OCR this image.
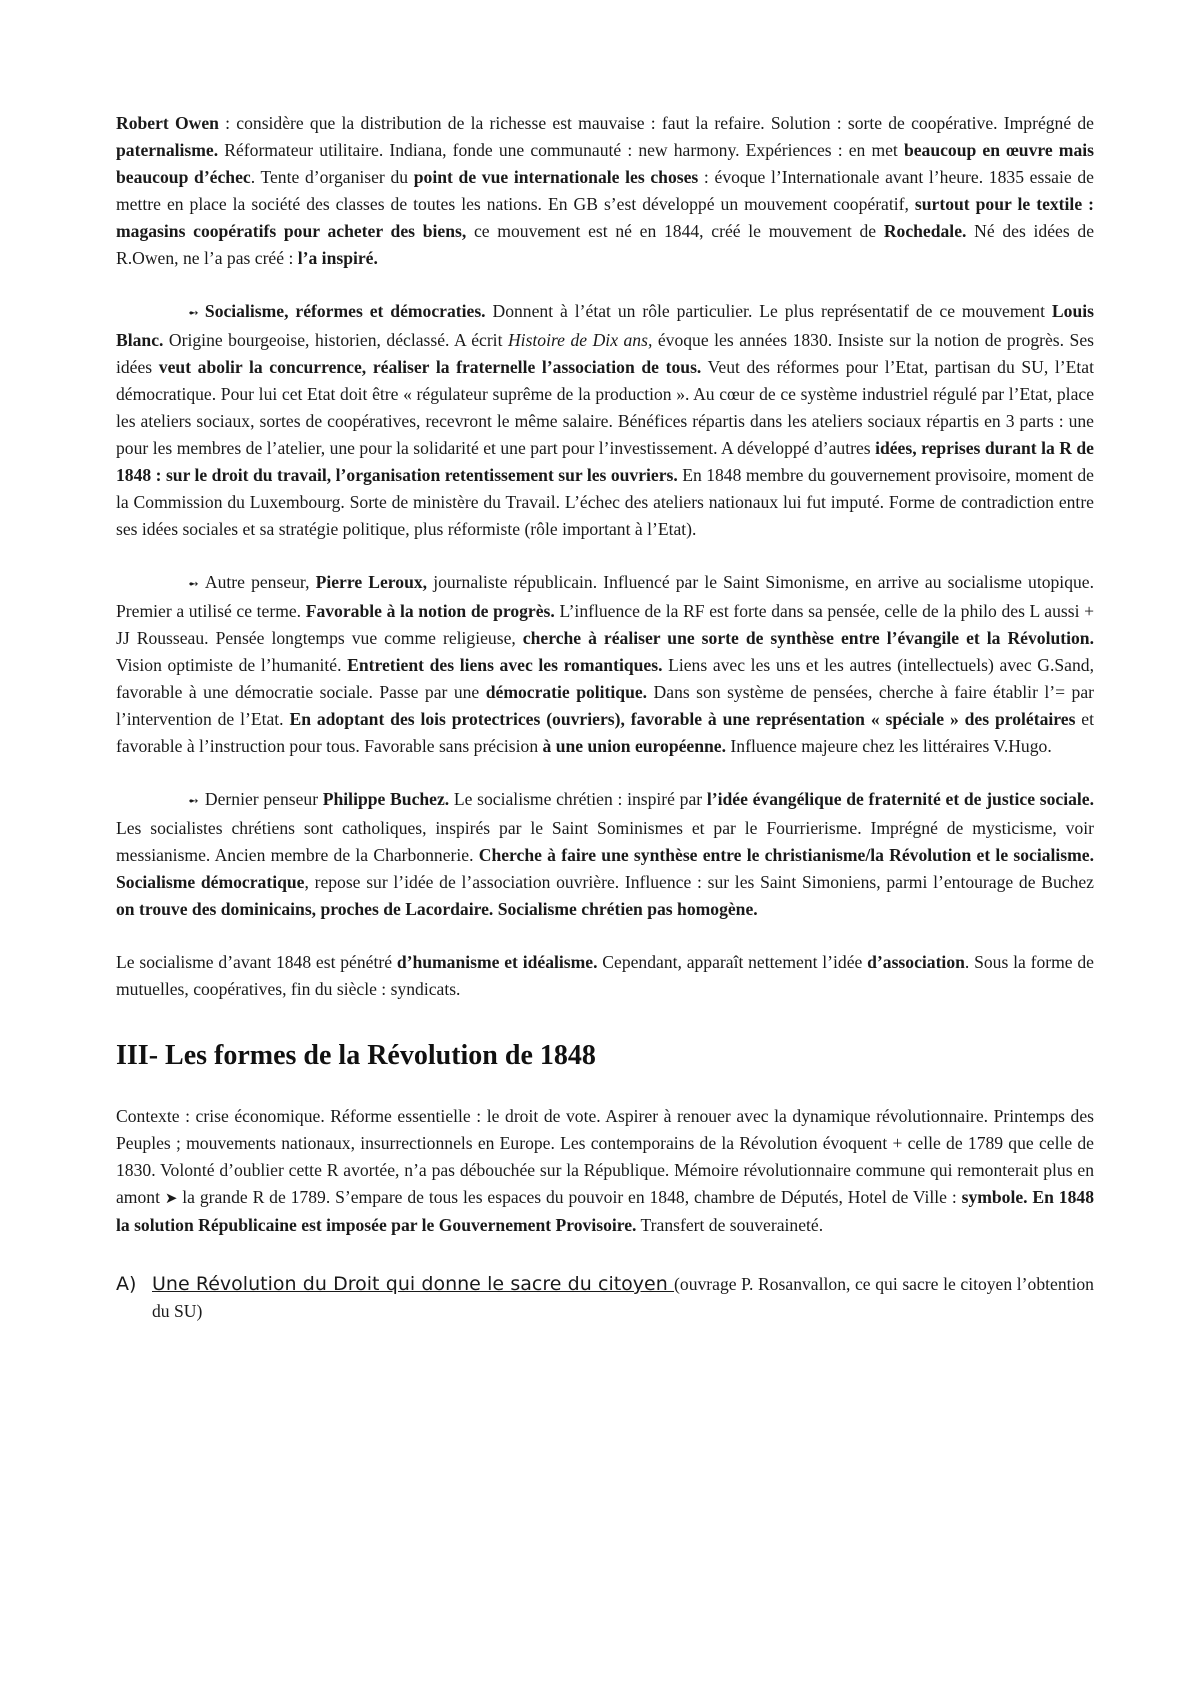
Robert Owen : considère que la distribution de la richesse est mauvaise : faut la refaire. Solution : sorte de coopérative. Imprégné de paternalisme. Réformateur utilitaire. Indiana, fonde une communauté : new harmony. Expériences : en met beaucoup en œuvre mais beaucoup d’échec. Tente d’organiser du point de vue internationale les choses : évoque l’Internationale avant l’heure. 1835 essaie de mettre en place la société des classes de toutes les nations. En GB s’est développé un mouvement coopératif, surtout pour le textile : magasins coopératifs pour acheter des biens, ce mouvement est né en 1844, créé le mouvement de Rochedale. Né des idées de R.Owen, ne l’a pas créé : l’a inspiré.

➻ Socialisme, réformes et démocraties. Donnent à l’état un rôle particulier. Le plus représentatif de ce mouvement Louis Blanc. Origine bourgeoise, historien, déclassé. A écrit Histoire de Dix ans, évoque les années 1830. Insiste sur la notion de progrès. Ses idées veut abolir la concurrence, réaliser la fraternelle l’association de tous. Veut des réformes pour l’Etat, partisan du SU, l’Etat démocratique. Pour lui cet Etat doit être « régulateur suprême de la production ». Au cœur de ce système industriel régulé par l’Etat, place les ateliers sociaux, sortes de coopératives, recevront le même salaire. Bénéfices répartis dans les ateliers sociaux répartis en 3 parts : une pour les membres de l’atelier, une pour la solidarité et une part pour l’investissement. A développé d’autres idées, reprises durant la R de 1848 : sur le droit du travail, l’organisation retentissement sur les ouvriers. En 1848 membre du gouvernement provisoire, moment de la Commission du Luxembourg. Sorte de ministère du Travail. L’échec des ateliers nationaux lui fut imputé. Forme de contradiction entre ses idées sociales et sa stratégie politique, plus réformiste (rôle important à l’Etat).

➻ Autre penseur, Pierre Leroux, journaliste républicain. Influencé par le Saint Simonisme, en arrive au socialisme utopique. Premier a utilisé ce terme. Favorable à la notion de progrès. L’influence de la RF est forte dans sa pensée, celle de la philo des L aussi + JJ Rousseau. Pensée longtemps vue comme religieuse, cherche à réaliser une sorte de synthèse entre l’évangile et la Révolution. Vision optimiste de l’humanité. Entretient des liens avec les romantiques. Liens avec les uns et les autres (intellectuels) avec G.Sand, favorable à une démocratie sociale. Passe par une démocratie politique. Dans son système de pensées, cherche à faire établir l’= par l’intervention de l’Etat. En adoptant des lois protectrices (ouvriers), favorable à une représentation « spéciale » des prolétaires et favorable à l’instruction pour tous. Favorable sans précision à une union européenne. Influence majeure chez les littéraires V.Hugo.

➻ Dernier penseur Philippe Buchez. Le socialisme chrétien : inspiré par l’idée évangélique de fraternité et de justice sociale. Les socialistes chrétiens sont catholiques, inspirés par le Saint Sominismes et par le Fourrierisme. Imprégné de mysticisme, voir messianisme. Ancien membre de la Charbonnerie. Cherche à faire une synthèse entre le christianisme/la Révolution et le socialisme. Socialisme démocratique, repose sur l’idée de l’association ouvrière. Influence : sur les Saint Simoniens, parmi l’entourage de Buchez on trouve des dominicains, proches de Lacordaire. Socialisme chrétien pas homogène.

Le socialisme d’avant 1848 est pénétré d’humanisme et idéalisme. Cependant, apparaît nettement l’idée d’association. Sous la forme de mutuelles, coopératives, fin du siècle : syndicats.

III- Les formes de la Révolution de 1848

Contexte : crise économique. Réforme essentielle : le droit de vote. Aspirer à renouer avec la dynamique révolutionnaire. Printemps des Peuples ; mouvements nationaux, insurrectionnels en Europe. Les contemporains de la Révolution évoquent + celle de 1789 que celle de 1830. Volonté d’oublier cette R avortée, n’a pas débouchée sur la République. Mémoire révolutionnaire commune qui remonterait plus en amont ➤ la grande R de 1789. S’empare de tous les espaces du pouvoir en 1848, chambre de Députés, Hotel de Ville : symbole. En 1848 la solution Républicaine est imposée par le Gouvernement Provisoire. Transfert de souveraineté.

A) Une Révolution du Droit qui donne le sacre du citoyen (ouvrage P. Rosanvallon, ce qui sacre le citoyen l’obtention du SU)
